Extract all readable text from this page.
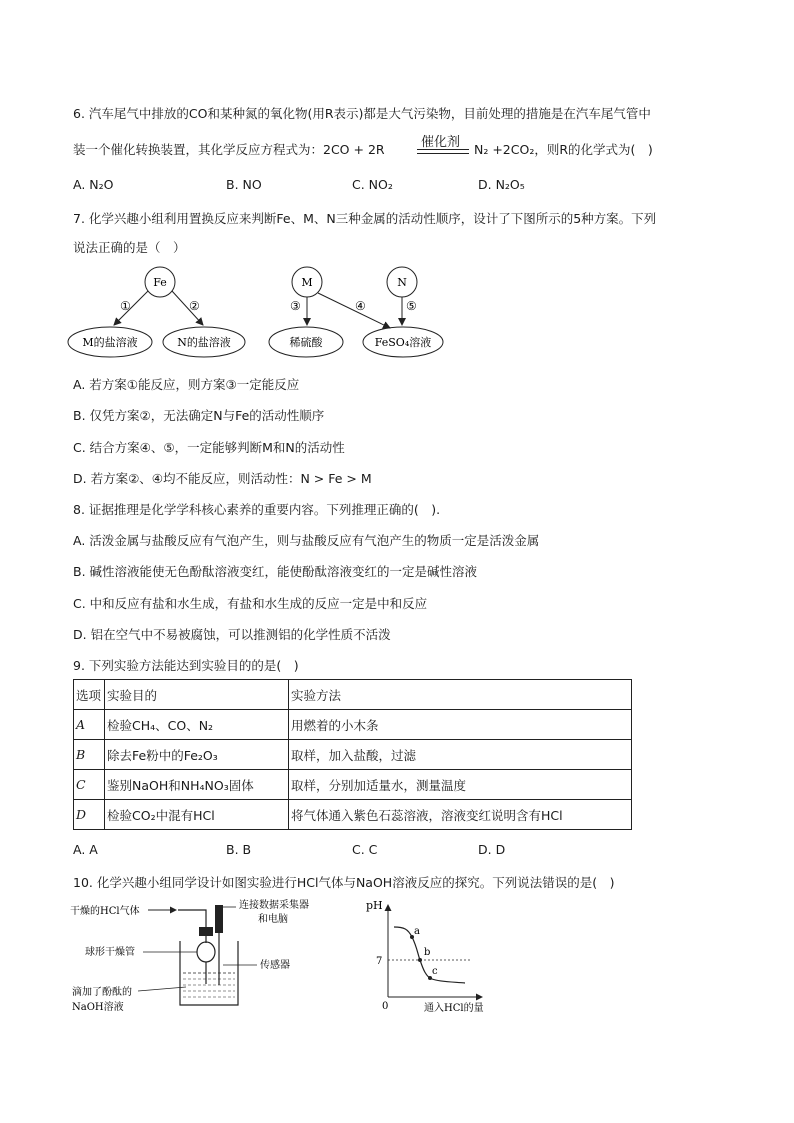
6. 汽车尾气中排放的CO和某种氮的氧化物(用R表示)都是大气污染物，目前处理的措施是在汽车尾气管中
装一个催化转换装置，其化学反应方程式为：2CO + 2R	催化剂 N₂ +2CO₂，则R的化学式为(　)
A. N₂O	B. NO	C. NO₂	D. N₂O₅
7. 化学兴趣小组利用置换反应来判断Fe、M、N三种金属的活动性顺序，设计了下图所示的5种方案。下列
说法正确的是（　）
Fe	M	N
M的盐溶液	N的盐溶液	稀硫酸	FeSO₄溶液
①	②	③	④	⑤
A. 若方案①能反应，则方案③一定能反应
B. 仅凭方案②，无法确定N与Fe的活动性顺序
C. 结合方案④、⑤，一定能够判断M和N的活动性
D. 若方案②、④均不能反应，则活动性：N > Fe > M
8. 证据推理是化学学科核心素养的重要内容。下列推理正确的(　).
A. 活泼金属与盐酸反应有气泡产生，则与盐酸反应有气泡产生的物质一定是活泼金属
B. 碱性溶液能使无色酚酞溶液变红，能使酚酞溶液变红的一定是碱性溶液
C. 中和反应有盐和水生成，有盐和水生成的反应一定是中和反应
D. 铝在空气中不易被腐蚀，可以推测铝的化学性质不活泼
9. 下列实验方法能达到实验目的的是(　)
选项	实验目的	实验方法
A	检验CH₄、CO、N₂	用燃着的小木条
B	除去Fe粉中的Fe₂O₃	取样，加入盐酸，过滤
C	鉴别NaOH和NH₄NO₃固体	取样，分别加适量水，测量温度
D	检验CO₂中混有HCl	将气体通入紫色石蕊溶液，溶液变红说明含有HCl
A. A	B. B	C. C	D. D
10. 化学兴趣小组同学设计如图实验进行HCl气体与NaOH溶液反应的探究。下列说法错误的是(　)
干燥的HCl气体
连接数据采集器
和电脑
球形干燥管
传感器
滴加了酚酞的
NaOH溶液
pH
0
7
a
b
c
通入HCl的量
